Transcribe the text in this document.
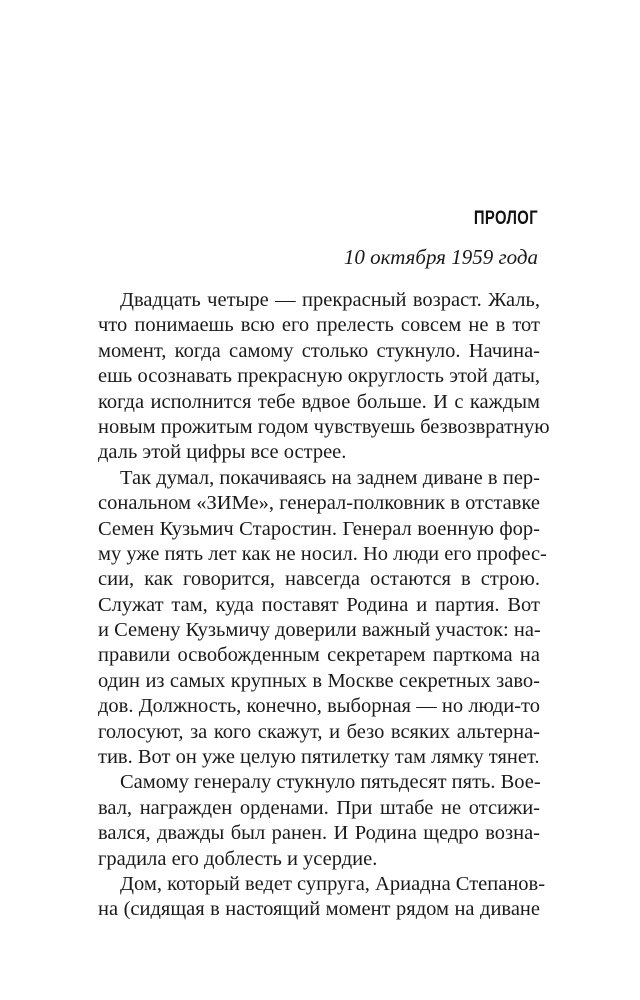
ПРОЛОГ
10 октября 1959 года

Двадцать четыре — прекрасный возраст. Жаль,
что понимаешь всю его прелесть совсем не в тот
момент, когда самому столько стукнуло. Начина-
ешь осознавать прекрасную округлость этой даты,
когда исполнится тебе вдвое больше. И с каждым
новым прожитым годом чувствуешь безвозвратную
даль этой цифры все острее.

Так думал, покачиваясь на заднем диване в пер-
сональном «ЗИМе», генерал-полковник в отставке
Семен Кузьмич Старостин. Генерал военную фор-
му уже пять лет как не носил. Но люди его профес-
сии, как говорится, навсегда остаются в строю.
Служат там, куда поставят Родина и партия. Вот
и Семену Кузьмичу доверили важный участок: на-
правили освобожденным секретарем парткома на
один из самых крупных в Москве секретных заво-
дов. Должность, конечно, выборная — но люди-то
голосуют, за кого скажут, и безо всяких альтерна-
тив. Вот он уже целую пятилетку там лямку тянет.

Самому генералу стукнуло пятьдесят пять. Вое-
вал, награжден орденами. При штабе не отсижи-
вался, дважды был ранен. И Родина щедро возна-
градила его доблесть и усердие.

Дом, который ведет супруга, Ариадна Степанов-
на (сидящая в настоящий момент рядом на диване
